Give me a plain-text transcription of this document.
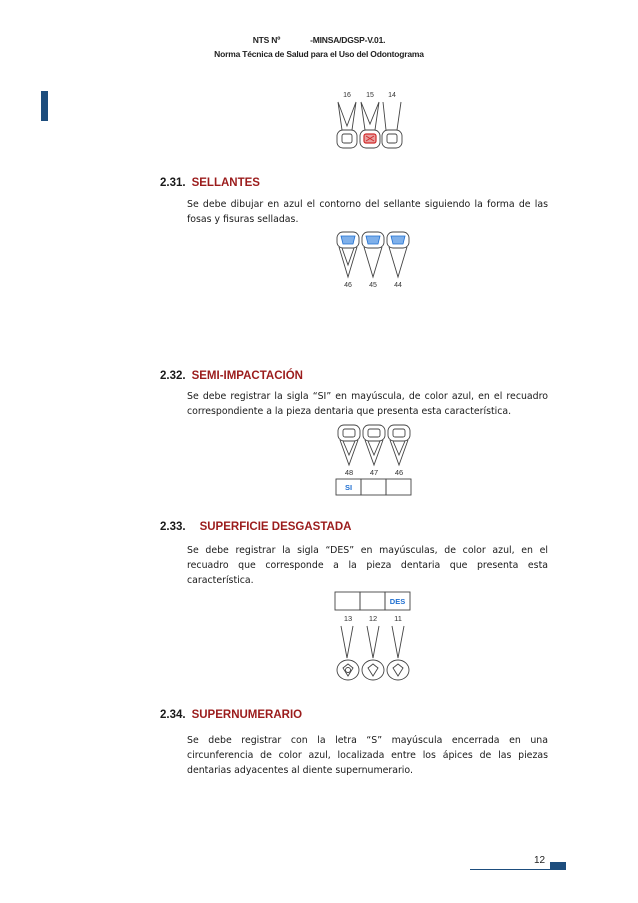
NTS Nº	-MINSA/DGSP-V.01.
Norma Técnica de Salud para el Uso del Odontograma
16 15 14
2.31. SELLANTES
Se debe dibujar en azul el contorno del sellante siguiendo la forma de las fosas y fisuras selladas.
46 45 44
2.32. SEMI-IMPACTACIÓN
Se debe registrar la sigla “SI” en mayúscula, de color azul, en el recuadro correspondiente a la pieza dentaria que presenta esta característica.
48 47 46
SI
2.33. SUPERFICIE DESGASTADA
Se debe registrar la sigla “DES” en mayúsculas, de color azul, en el recuadro que corresponde a la pieza dentaria que presenta esta característica.
DES
13 12 11
2.34. SUPERNUMERARIO
Se debe registrar con la letra “S” mayúscula encerrada en una circunferencia de color azul, localizada entre los ápices de las piezas dentarias adyacentes al diente supernumerario.
12
